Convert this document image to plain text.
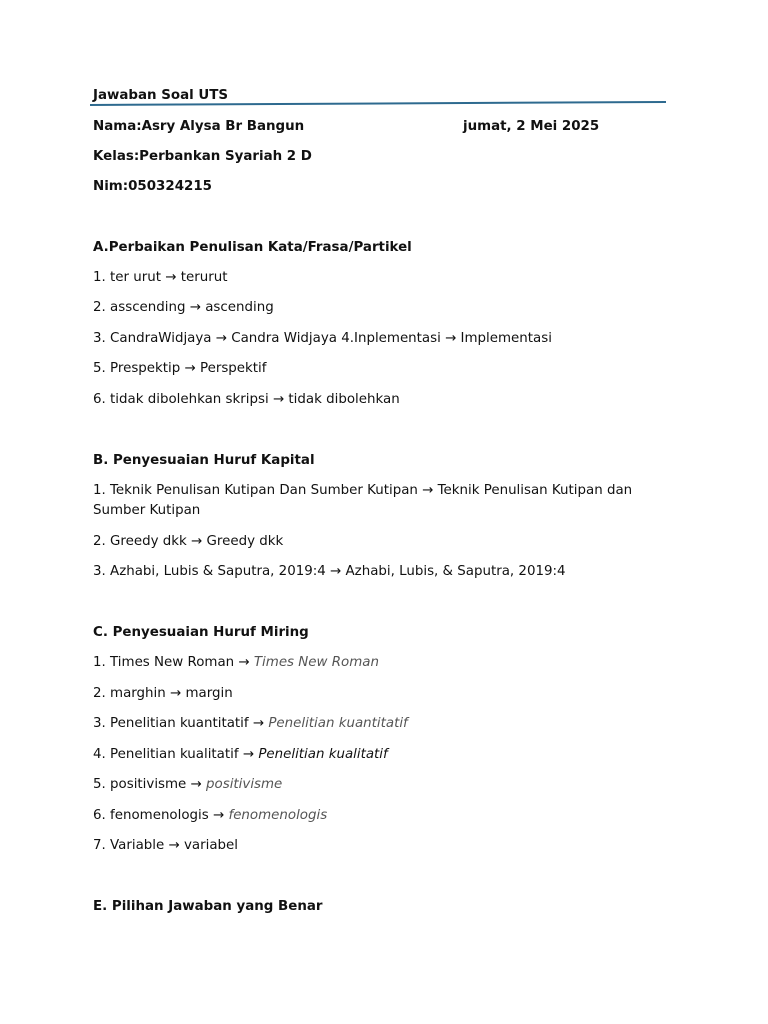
Jawaban Soal UTS
Nama:Asry Alysa Br Bangun	jumat, 2 Mei 2025
Kelas:Perbankan Syariah 2 D
Nim:050324215
A.Perbaikan Penulisan Kata/Frasa/Partikel
1. ter urut → terurut
2. asscending → ascending
3. CandraWidjaya → Candra Widjaya 4.Inplementasi → Implementasi
5. Prespektip → Perspektif
6. tidak dibolehkan skripsi → tidak dibolehkan
B. Penyesuaian Huruf Kapital
1. Teknik Penulisan Kutipan Dan Sumber Kutipan → Teknik Penulisan Kutipan dan Sumber Kutipan
2. Greedy dkk → Greedy dkk
3. Azhabi, Lubis & Saputra, 2019:4 → Azhabi, Lubis, & Saputra, 2019:4
C. Penyesuaian Huruf Miring
1. Times New Roman → Times New Roman
2. marghin → margin
3. Penelitian kuantitatif → Penelitian kuantitatif
4. Penelitian kualitatif → Penelitian kualitatif
5. positivisme → positivisme
6. fenomenologis → fenomenologis
7. Variable → variabel
E. Pilihan Jawaban yang Benar
